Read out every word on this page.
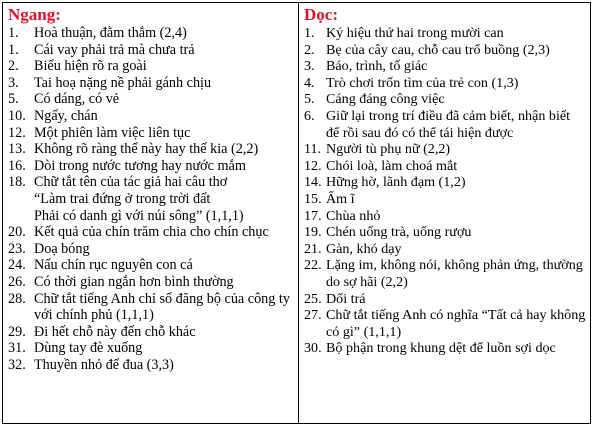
Ngang:
1.	Hoà thuận, đằm thắm (2,4)
1.	Cái vay phải trả mà chưa trả
2.	Biểu hiện rõ ra goài
3.	Tai hoạ nặng nề phải gánh chịu
5.	Có dáng, có vẻ
10. Ngấy, chán
12. Một phiên làm việc liên tục
13. Không rõ ràng thế này hay thế kia (2,2)
16. Dòi trong nước tương hay nước mắm
18. Chữ tắt tên của tác giả hai câu thơ
“Làm trai đứng ở trong trời đất
Phải có danh gì với núi sông” (1,1,1)
20. Kết quả của chín trăm chia cho chín chục
23. Doạ bóng
24. Nấu chín rục nguyên con cá
26. Có thời gian ngắn hơn bình thường
28. Chữ tắt tiếng Anh chỉ số đăng bộ của công ty với chính phủ (1,1,1)
29. Đi hết chỗ này đến chỗ khác
31. Dùng tay đè xuống
32. Thuyền nhỏ để đua (3,3)
Dọc:
1. Ký hiệu thứ hai trong mười can
2. Bẹ của cây cau, chỗ cau trổ buồng (2,3)
3. Báo, trình, tố giác
4. Trò chơi trốn tìm của trẻ con (1,3)
5. Cáng đáng công việc
6. Giữ lại trong trí điều đã cảm biết, nhận biết để rồi sau đó có thể tái hiện được
11. Người tù phụ nữ (2,2)
12. Chói loà, làm choá mắt
14. Hững hờ, lãnh đạm (1,2)
15. Ấm ĩ
17. Chùa nhỏ
19. Chén uống trà, uống rượu
21. Gàn, khó dạy
22. Lặng im, không nói, không phản ứng, thường do sợ hãi (2,2)
25. Dối trá
27. Chữ tắt tiếng Anh có nghĩa “Tất cả hay không có gì” (1,1,1)
30. Bộ phận trong khung dệt để luồn sợi dọc
